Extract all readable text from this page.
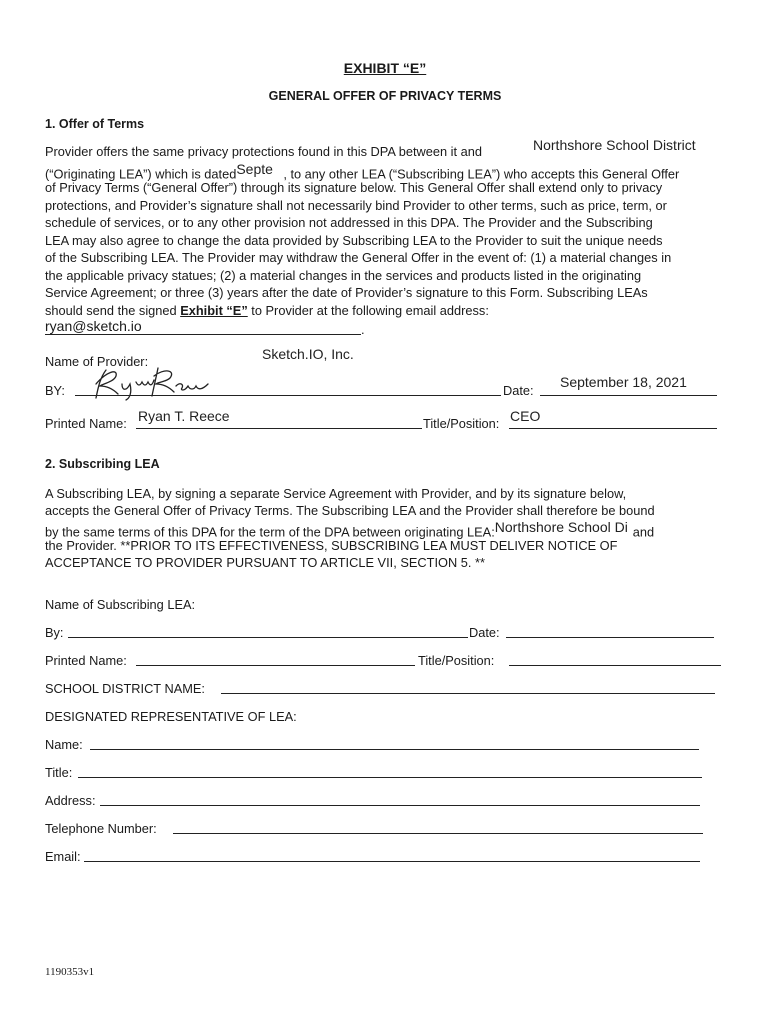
EXHIBIT “E”
GENERAL OFFER OF PRIVACY TERMS
1. Offer of Terms
Provider offers the same privacy protections found in this DPA between it and	Northshore School District
(“Originating LEA”) which is datedSepte , to any other LEA (“Subscribing LEA”) who accepts this General Offer
of Privacy Terms (“General Offer”) through its signature below. This General Offer shall extend only to privacy
protections, and Provider’s signature shall not necessarily bind Provider to other terms, such as price, term, or
schedule of services, or to any other provision not addressed in this DPA. The Provider and the Subscribing
LEA may also agree to change the data provided by Subscribing LEA to the Provider to suit the unique needs
of the Subscribing LEA. The Provider may withdraw the General Offer in the event of: (1) a material changes in
the applicable privacy statues; (2) a material changes in the services and products listed in the originating
Service Agreement; or three (3) years after the date of Provider’s signature to this Form. Subscribing LEAs
should send the signed Exhibit “E” to Provider at the following email address:
ryan@sketch.io	.
Name of Provider:	Sketch.IO, Inc.
BY:	Date:
September 18, 2021
Printed Name: Ryan T. Reece	Title/Position: CEO
2. Subscribing LEA
A Subscribing LEA, by signing a separate Service Agreement with Provider, and by its signature below,
accepts the General Offer of Privacy Terms. The Subscribing LEA and the Provider shall therefore be bound
by the same terms of this DPA for the term of the DPA between originating LEA:Northshore School Di and
the Provider. **PRIOR TO ITS EFFECTIVENESS, SUBSCRIBING LEA MUST DELIVER NOTICE OF
ACCEPTANCE TO PROVIDER PURSUANT TO ARTICLE VII, SECTION 5. **
Name of Subscribing LEA:
By:	Date:
Printed Name:	Title/Position:
SCHOOL DISTRICT NAME:
DESIGNATED REPRESENTATIVE OF LEA:
Name:
Title:
Address:
Telephone Number:
Email:
1190353v1
